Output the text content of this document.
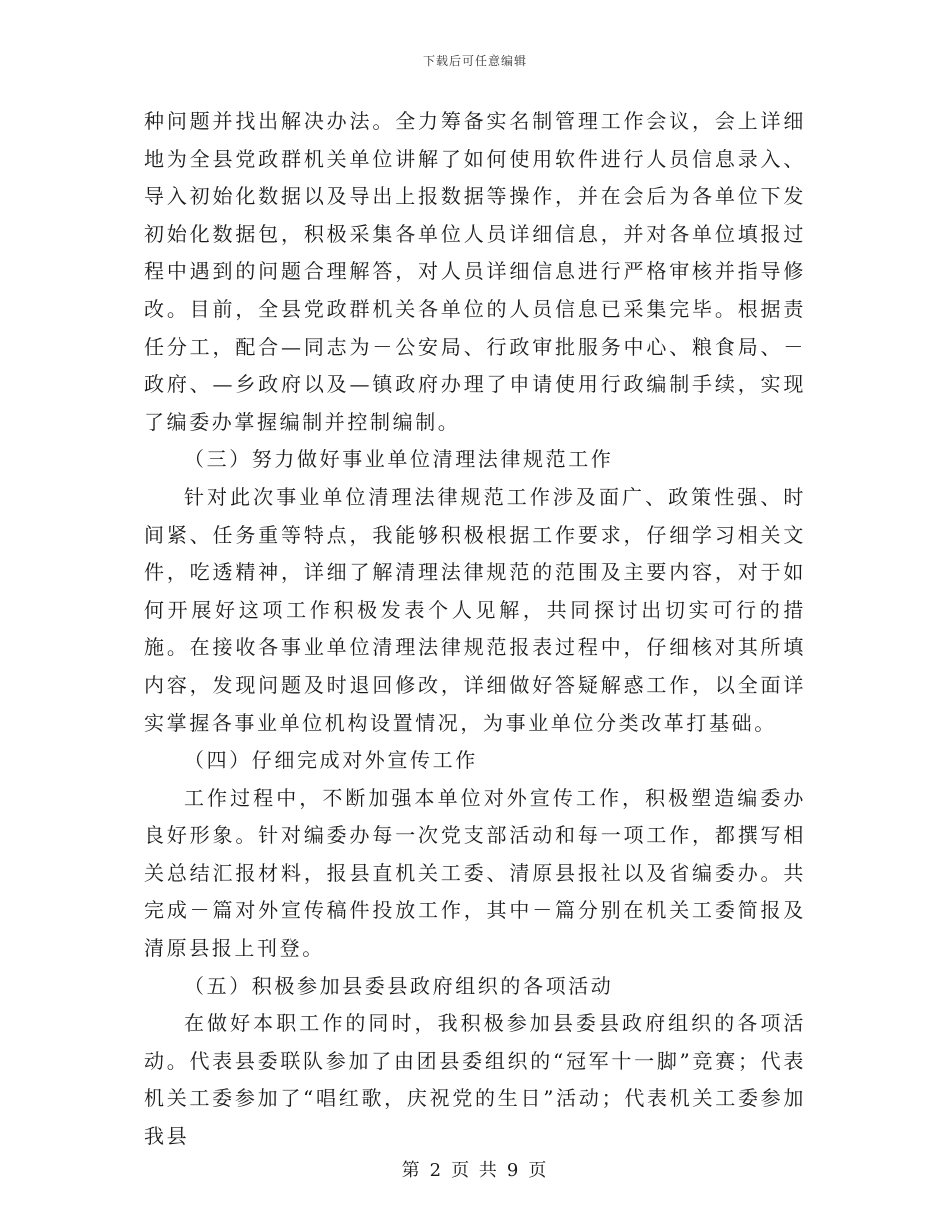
下载后可任意编辑

种问题并找出解决办法。全力筹备实名制管理工作会议，会上详细地为全县党政群机关单位讲解了如何使用软件进行人员信息录入、导入初始化数据以及导出上报数据等操作，并在会后为各单位下发初始化数据包，积极采集各单位人员详细信息，并对各单位填报过程中遇到的问题合理解答，对人员详细信息进行严格审核并指导修改。目前，全县党政群机关各单位的人员信息已采集完毕。根据责任分工，配合—同志为－公安局、行政审批服务中心、粮食局、－政府、—乡政府以及—镇政府办理了申请使用行政编制手续，实现了编委办掌握编制并控制编制。

（三）努力做好事业单位清理法律规范工作

针对此次事业单位清理法律规范工作涉及面广、政策性强、时间紧、任务重等特点，我能够积极根据工作要求，仔细学习相关文件，吃透精神，详细了解清理法律规范的范围及主要内容，对于如何开展好这项工作积极发表个人见解，共同探讨出切实可行的措施。在接收各事业单位清理法律规范报表过程中，仔细核对其所填内容，发现问题及时退回修改，详细做好答疑解惑工作，以全面详实掌握各事业单位机构设置情况，为事业单位分类改革打基础。

（四）仔细完成对外宣传工作

工作过程中，不断加强本单位对外宣传工作，积极塑造编委办良好形象。针对编委办每一次党支部活动和每一项工作，都撰写相关总结汇报材料，报县直机关工委、清原县报社以及省编委办。共完成－篇对外宣传稿件投放工作，其中－篇分别在机关工委简报及清原县报上刊登。

（五）积极参加县委县政府组织的各项活动

在做好本职工作的同时，我积极参加县委县政府组织的各项活动。代表县委联队参加了由团县委组织的“冠军十一脚”竞赛；代表机关工委参加了“唱红歌，庆祝党的生日”活动；代表机关工委参加我县

第 2 页 共 9 页
